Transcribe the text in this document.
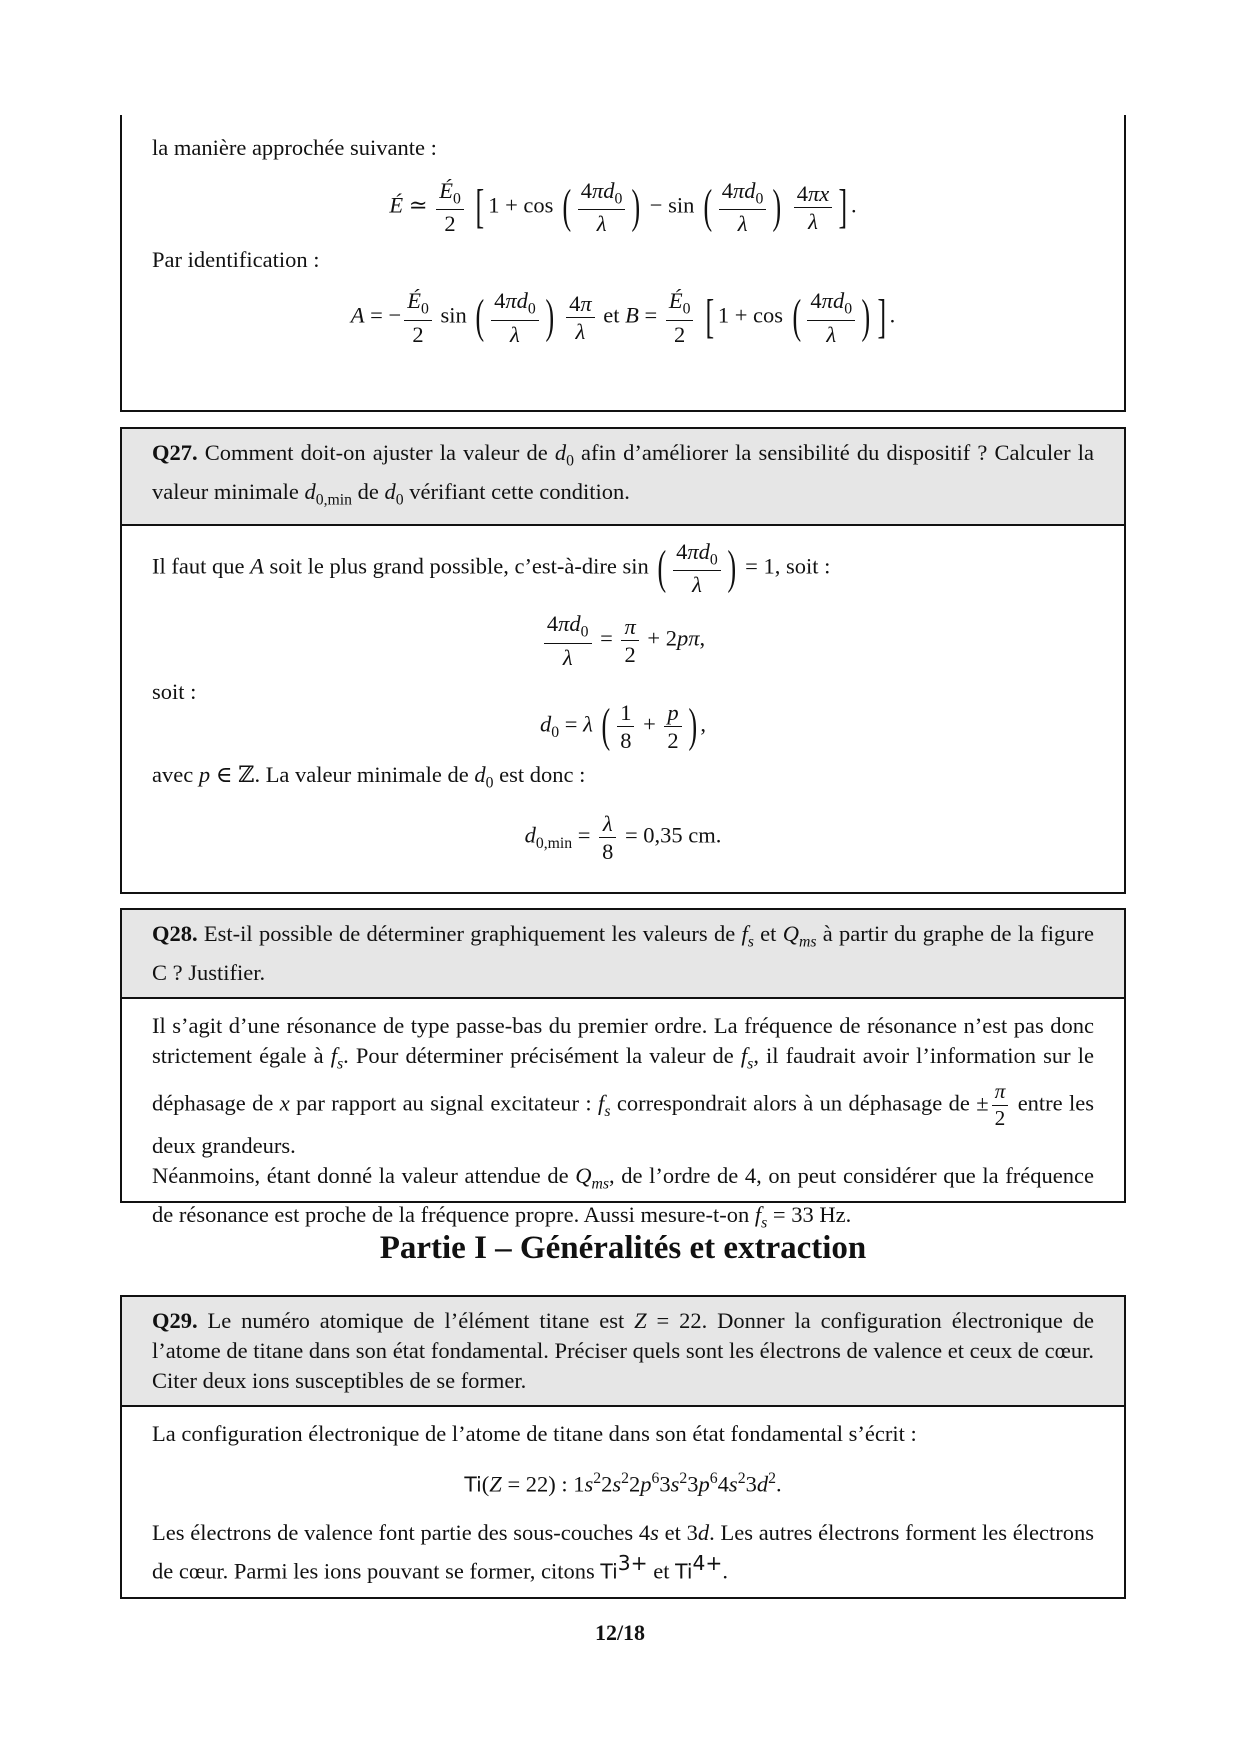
la manière approchée suivante :

É ≃ $\frac{É_0}{2}$ [ 1 + cos ( $\frac{4\pi d_0}{\lambda}$ ) − sin ( $\frac{4\pi d_0}{\lambda}$ ) $\frac{4\pi x}{\lambda}$ ] .

Par identification :

A = − $\frac{É_0}{2}$ sin ( $\frac{4\pi d_0}{\lambda}$ ) $\frac{4\pi}{\lambda}$ et $B = \frac{É_0}{2}$ [ 1 + cos ( $\frac{4\pi d_0}{\lambda}$ ) ] .
Q27. Comment doit-on ajuster la valeur de $d_0$ afin d’améliorer la sensibilité du dispositif ? Calculer la valeur minimale $d_{0,min}$ de $d_0$ vérifiant cette condition.

Il faut que A soit le plus grand possible, c’est-à-dire sin ( $\frac{4\pi d_0}{\lambda}$ ) = 1, soit :

$\frac{4\pi d_0}{\lambda} = \frac{\pi}{2} + 2p\pi$,

soit :

$d_0 = \lambda$ ( $\frac{1}{8} + \frac{p}{2}$ ) ,

avec p ∈ ℤ. La valeur minimale de $d_0$ est donc :

$d_{0,min} = \frac{\lambda}{8} = 0,35$ cm.
Q28. Est-il possible de déterminer graphiquement les valeurs de $f_s$ et $Q_{ms}$ à partir du graphe de la figure C ? Justifier.

Il s’agit d’une résonance de type passe-bas du premier ordre. La fréquence de résonance n’est pas donc strictement égale à $f_s$. Pour déterminer précisément la valeur de $f_s$, il faudrait avoir l’information sur le déphasage de x par rapport au signal excitateur : $f_s$ correspondrait alors à un déphasage de ± $\frac{\pi}{2}$ entre les deux grandeurs.

Néanmoins, étant donné la valeur attendue de $Q_{ms}$, de l’ordre de 4, on peut considérer que la fréquence de résonance est proche de la fréquence propre. Aussi mesure-t-on $f_s = 33$ Hz.

Partie I – Généralités et extraction
Q29. Le numéro atomique de l’élément titane est Z = 22. Donner la configuration électronique de l’atome de titane dans son état fondamental. Préciser quels sont les électrons de valence et ceux de cœur. Citer deux ions susceptibles de se former.

La configuration électronique de l’atome de titane dans son état fondamental s’écrit :

Ti(Z = 22) : $1s^22s^22p^63s^23p^64s^23d^2$.

Les électrons de valence font partie des sous-couches 4s et 3d. Les autres électrons forment les électrons de cœur. Parmi les ions pouvant se former, citons $Ti^{3+}$ et $Ti^{4+}$.

12/18
